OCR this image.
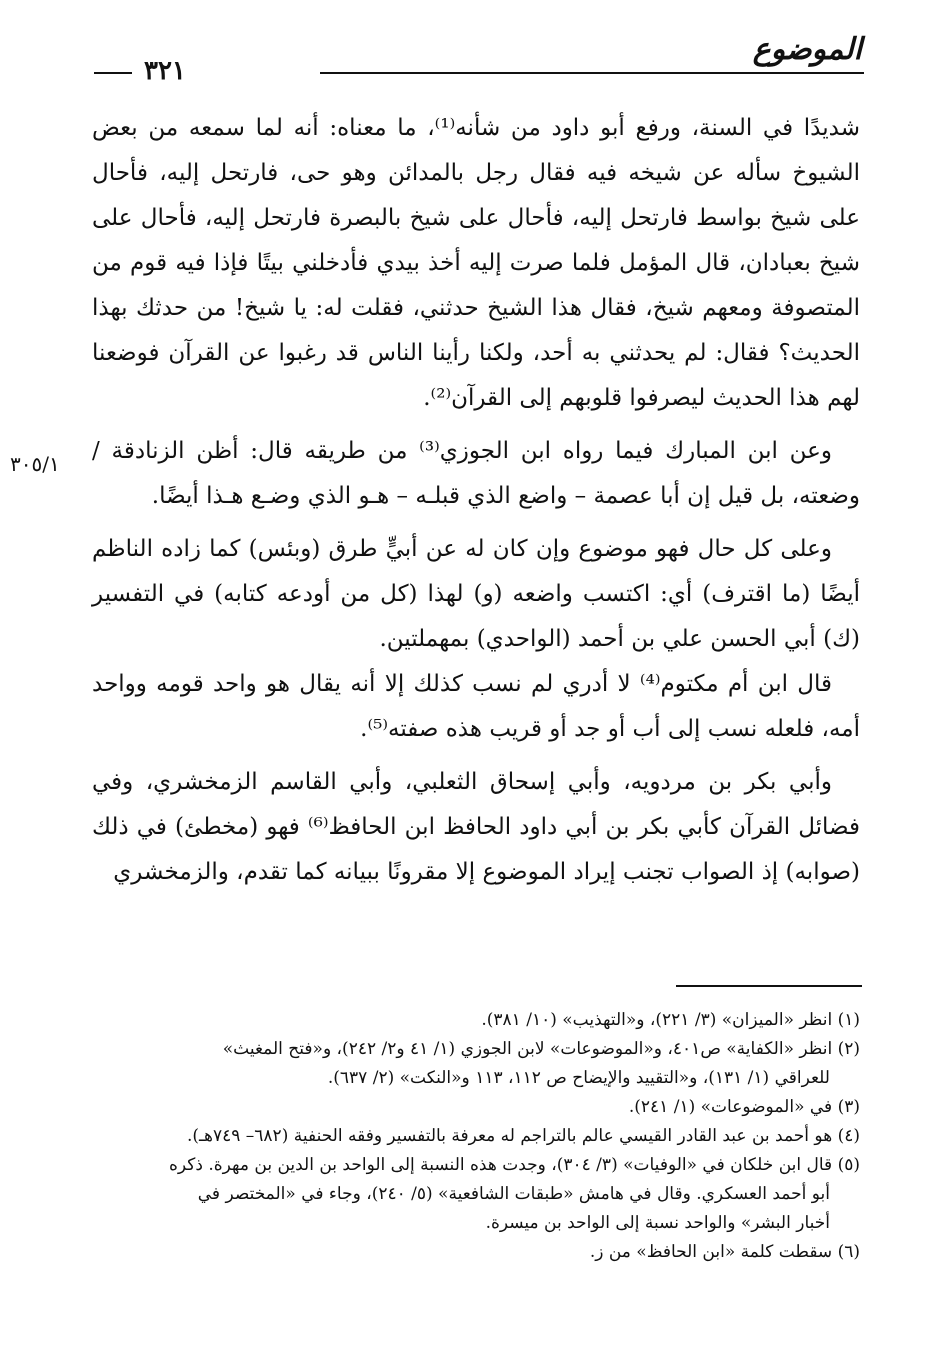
الموضوع
٣٢١
٣٠٥/١

شديدًا في السنة، ورفع أبو داود من شأنه⁽¹⁾، ما معناه: أنه لما سمعه من بعض الشيوخ سأله عن شيخه فيه فقال رجل بالمدائن وهو حى، فارتحل إليه، فأحال على شيخ بواسط فارتحل إليه، فأحال على شيخ بالبصرة فارتحل إليه، فأحال على شيخ بعبادان، قال المؤمل فلما صرت إليه أخذ بيدي فأدخلني بيتًا فإذا فيه قوم من المتصوفة ومعهم شيخ، فقال هذا الشيخ حدثني، فقلت له: يا شيخ! من حدثك بهذا الحديث؟ فقال: لم يحدثني به أحد، ولكنا رأينا الناس قد رغبوا عن القرآن فوضعنا لهم هذا الحديث ليصرفوا قلوبهم إلى القرآن⁽²⁾.

وعن ابن المبارك فيما رواه ابن الجوزي⁽³⁾ من طريقه قال: أظن الزنادقة / وضعته، بل قيل إن أبا عصمة – واضع الذي قبلـه – هـو الذي وضـع هـذا أيضًا.

وعلى كل حال فهو موضوع وإن كان له عن أبيٍّ طرق (وبئس) كما زاده الناظم أيضًا (ما اقترف) أي: اكتسب واضعه (و) لهذا (كل من أودعه كتابه) في التفسير (ك) أبي الحسن علي بن أحمد (الواحدي) بمهملتين.

قال ابن أم مكتوم⁽⁴⁾ لا أدري لم نسب كذلك إلا أنه يقال هو واحد قومه وواحد أمه، فلعله نسب إلى أب أو جد أو قريب هذه صفته⁽⁵⁾.

وأبي بكر بن مردويه، وأبي إسحاق الثعلبي، وأبي القاسم الزمخشري، وفي فضائل القرآن كأبي بكر بن أبي داود الحافظ ابن الحافظ⁽⁶⁾ فهو (مخطئ) في ذلك (صوابه) إذ الصواب تجنب إيراد الموضوع إلا مقرونًا ببيانه كما تقدم، والزمخشري

(١) انظر «الميزان» (٣/ ٢٢١)، و«التهذيب» (١٠/ ٣٨١).

(٢) انظر «الكفاية» ص٤٠١، و«الموضوعات» لابن الجوزي (١/ ٤١ و٢/ ٢٤٢)، و«فتح المغيث»

للعراقي (١/ ١٣١)، و«التقييد والإيضاح ص ١١٢، ١١٣ و«النكت» (٢/ ٦٣٧).

(٣) في «الموضوعات» (١/ ٢٤١).

(٤) هو أحمد بن عبد القادر القيسي عالم بالتراجم له معرفة بالتفسير وفقه الحنفية (٦٨٢– ٧٤٩هـ).

(٥) قال ابن خلكان في «الوفيات» (٣/ ٣٠٤)، وجدت هذه النسبة إلى الواحد بن الدين بن مهرة. ذكره

أبو أحمد العسكري. وقال في هامش «طبقات الشافعية» (٥/ ٢٤٠)، وجاء في «المختصر في

أخبار البشر» والواحد نسبة إلى الواحد بن ميسرة.

(٦) سقطت كلمة «ابن الحافظ» من ز.
